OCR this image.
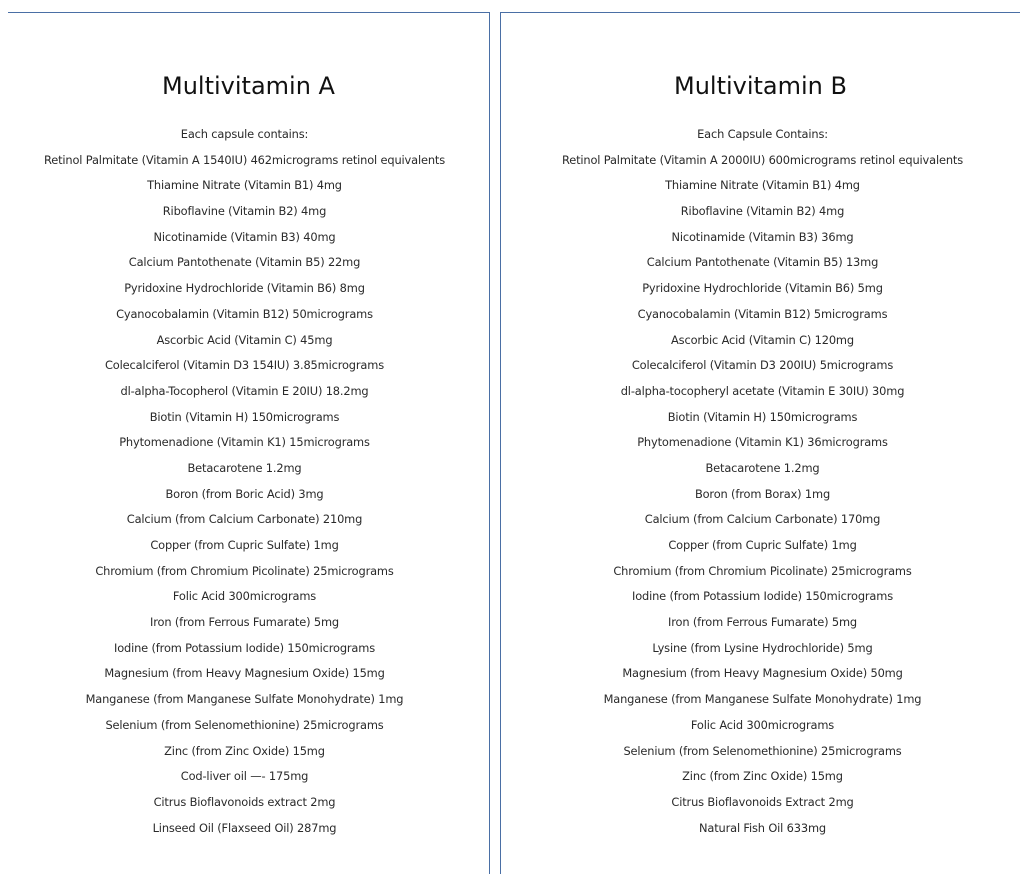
Multivitamin A
Each capsule contains:
Retinol Palmitate (Vitamin A 1540IU) 462micrograms retinol equivalents
Thiamine Nitrate (Vitamin B1) 4mg
Riboflavine (Vitamin B2) 4mg
Nicotinamide (Vitamin B3) 40mg
Calcium Pantothenate (Vitamin B5) 22mg
Pyridoxine Hydrochloride (Vitamin B6) 8mg
Cyanocobalamin (Vitamin B12) 50micrograms
Ascorbic Acid (Vitamin C) 45mg
Colecalciferol (Vitamin D3 154IU) 3.85micrograms
dl-alpha-Tocopherol (Vitamin E 20IU) 18.2mg
Biotin (Vitamin H) 150micrograms
Phytomenadione (Vitamin K1) 15micrograms
Betacarotene 1.2mg
Boron (from Boric Acid) 3mg
Calcium (from Calcium Carbonate) 210mg
Copper (from Cupric Sulfate) 1mg
Chromium (from Chromium Picolinate) 25micrograms
Folic Acid 300micrograms
Iron (from Ferrous Fumarate) 5mg
Iodine (from Potassium Iodide) 150micrograms
Magnesium (from Heavy Magnesium Oxide) 15mg
Manganese (from Manganese Sulfate Monohydrate) 1mg
Selenium (from Selenomethionine) 25micrograms
Zinc (from Zinc Oxide) 15mg
Cod-liver oil —- 175mg
Citrus Bioflavonoids extract 2mg
Linseed Oil (Flaxseed Oil) 287mg
Multivitamin B
Each Capsule Contains:
Retinol Palmitate (Vitamin A 2000IU) 600micrograms retinol equivalents
Thiamine Nitrate (Vitamin B1) 4mg
Riboflavine (Vitamin B2) 4mg
Nicotinamide (Vitamin B3) 36mg
Calcium Pantothenate (Vitamin B5) 13mg
Pyridoxine Hydrochloride (Vitamin B6) 5mg
Cyanocobalamin (Vitamin B12) 5micrograms
Ascorbic Acid (Vitamin C) 120mg
Colecalciferol (Vitamin D3 200IU) 5micrograms
dl-alpha-tocopheryl acetate (Vitamin E 30IU) 30mg
Biotin (Vitamin H) 150micrograms
Phytomenadione (Vitamin K1) 36micrograms
Betacarotene 1.2mg
Boron (from Borax) 1mg
Calcium (from Calcium Carbonate) 170mg
Copper (from Cupric Sulfate) 1mg
Chromium (from Chromium Picolinate) 25micrograms
Iodine (from Potassium Iodide) 150micrograms
Iron (from Ferrous Fumarate) 5mg
Lysine (from Lysine Hydrochloride) 5mg
Magnesium (from Heavy Magnesium Oxide) 50mg
Manganese (from Manganese Sulfate Monohydrate) 1mg
Folic Acid 300micrograms
Selenium (from Selenomethionine) 25micrograms
Zinc (from Zinc Oxide) 15mg
Citrus Bioflavonoids Extract 2mg
Natural Fish Oil 633mg
